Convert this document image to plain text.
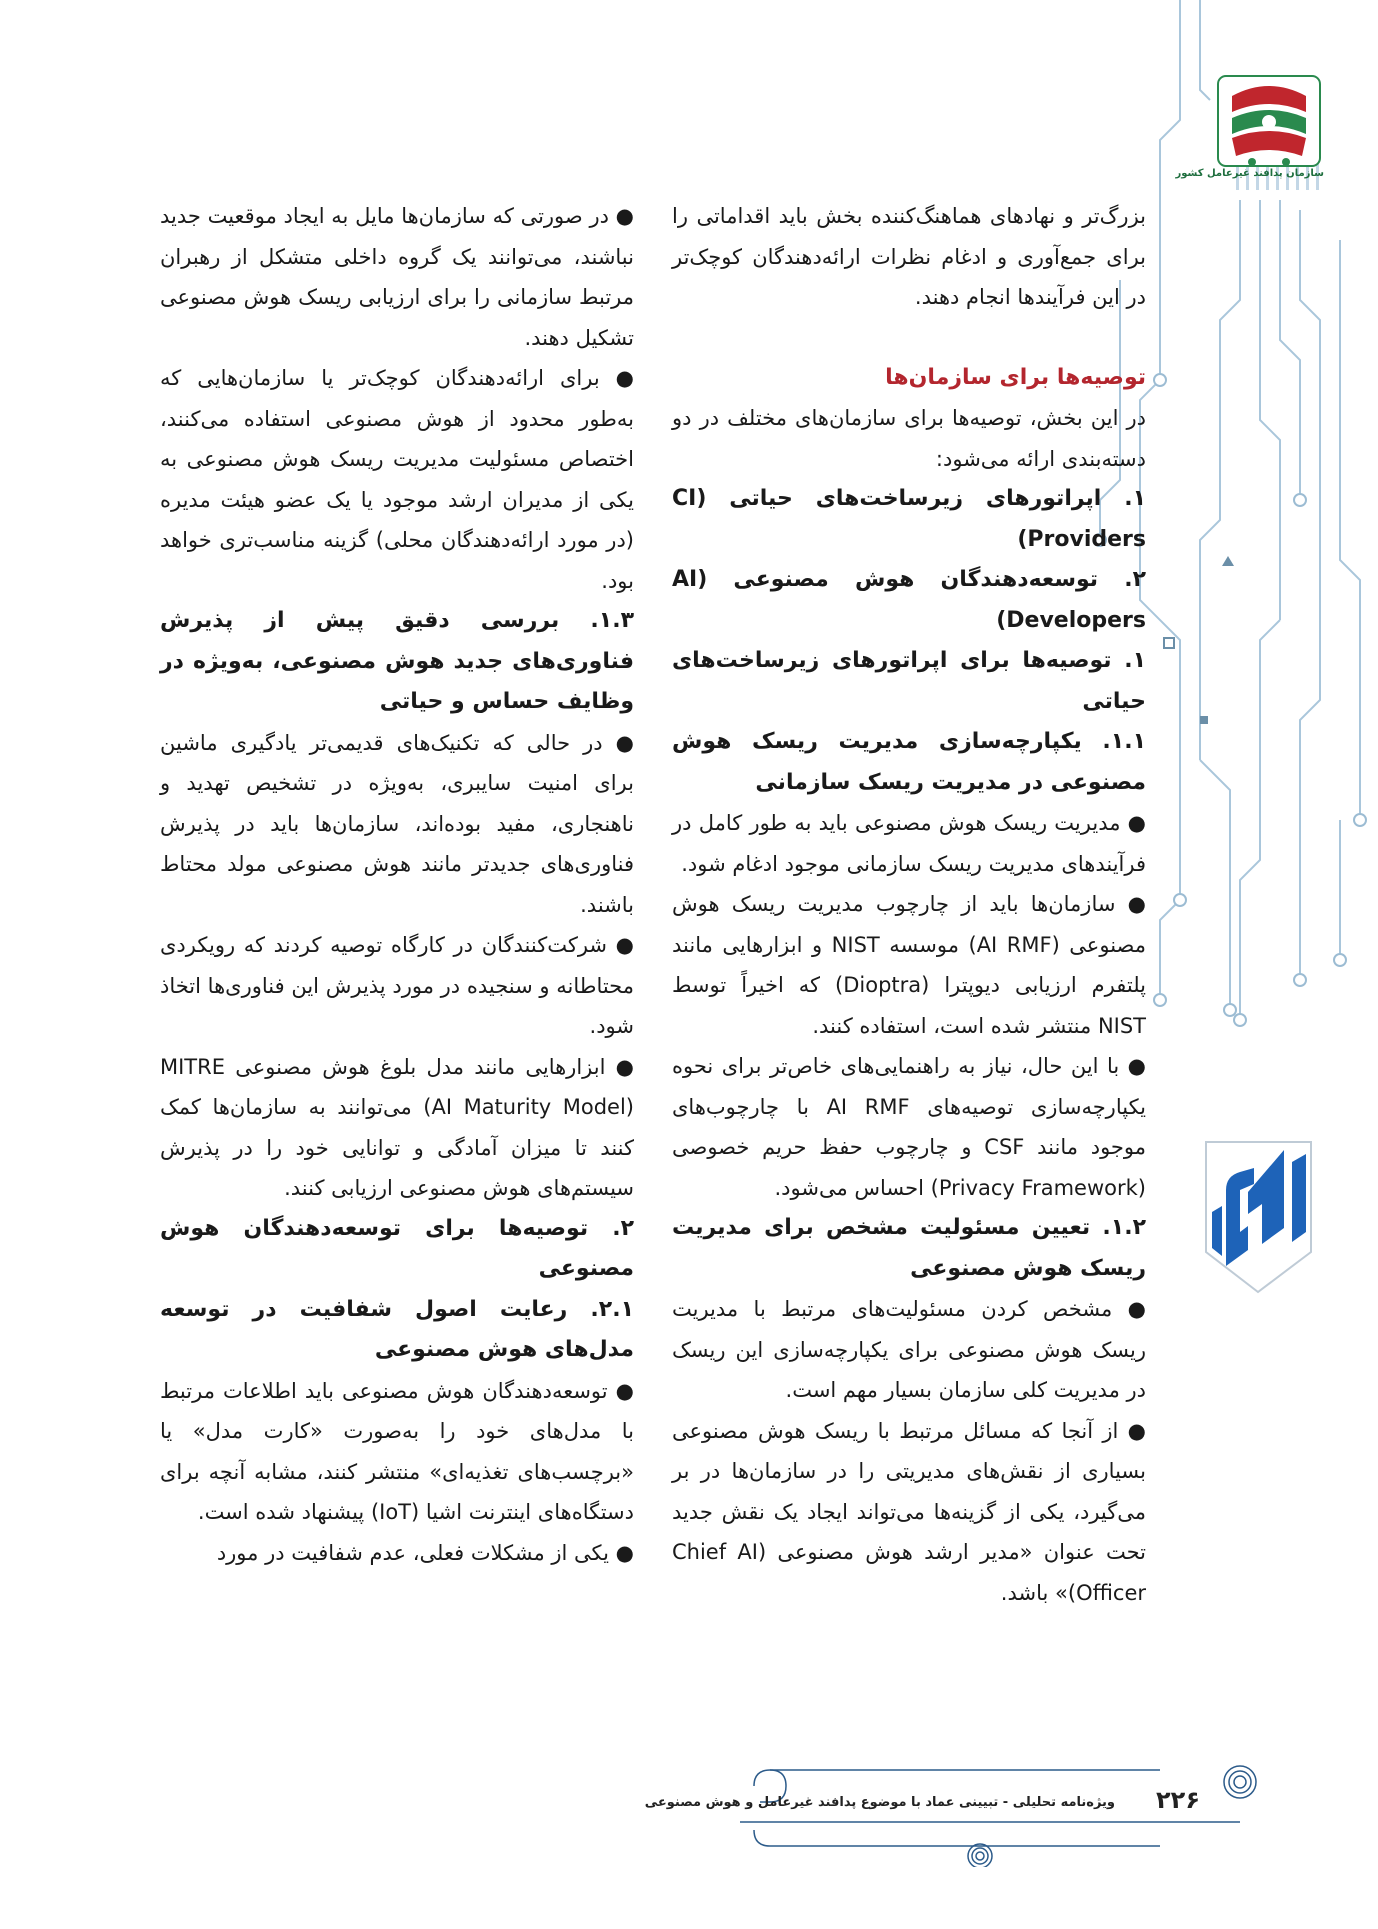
سازمان پدافند غیرعامل کشور

بزرگ‌تر و نهادهای هماهنگ‌کننده بخش باید اقداماتی را برای جمع‌آوری و ادغام نظرات ارائه‌دهندگان کوچک‌تر در این فرآیندها انجام دهند.

توصیه‌ها برای سازمان‌ها

در این بخش، توصیه‌ها برای سازمان‌های مختلف در دو دسته‌بندی ارائه می‌شود:

۱. اپراتورهای زیرساخت‌های حیاتی (CI Providers)

۲. توسعه‌دهندگان هوش مصنوعی (AI Developers)

۱. توصیه‌ها برای اپراتورهای زیرساخت‌های حیاتی

۱.۱. یکپارچه‌سازی مدیریت ریسک هوش مصنوعی در مدیریت ریسک سازمانی

● مدیریت ریسک هوش مصنوعی باید به طور کامل در فرآیندهای مدیریت ریسک سازمانی موجود ادغام شود.

● سازمان‌ها باید از چارچوب مدیریت ریسک هوش مصنوعی (AI RMF) موسسه NIST و ابزارهایی مانند پلتفرم ارزیابی دیوپترا (Dioptra) که اخیراً توسط NIST منتشر شده است، استفاده کنند.

● با این حال، نیاز به راهنمایی‌های خاص‌تر برای نحوه یکپارچه‌سازی توصیه‌های AI RMF با چارچوب‌های موجود مانند CSF و چارچوب حفظ حریم خصوصی (Privacy Framework) احساس می‌شود.

۱.۲. تعیین مسئولیت مشخص برای مدیریت ریسک هوش مصنوعی

● مشخص کردن مسئولیت‌های مرتبط با مدیریت ریسک هوش مصنوعی برای یکپارچه‌سازی این ریسک در مدیریت کلی سازمان بسیار مهم است.

● از آنجا که مسائل مرتبط با ریسک هوش مصنوعی بسیاری از نقش‌های مدیریتی را در سازمان‌ها در بر می‌گیرد، یکی از گزینه‌ها می‌تواند ایجاد یک نقش جدید تحت عنوان «مدیر ارشد هوش مصنوعی (Chief AI Officer)» باشد.

● در صورتی که سازمان‌ها مایل به ایجاد موقعیت جدید نباشند، می‌توانند یک گروه داخلی متشکل از رهبران مرتبط سازمانی را برای ارزیابی ریسک هوش مصنوعی تشکیل دهند.

● برای ارائه‌دهندگان کوچک‌تر یا سازمان‌هایی که به‌طور محدود از هوش مصنوعی استفاده می‌کنند، اختصاص مسئولیت مدیریت ریسک هوش مصنوعی به یکی از مدیران ارشد موجود یا یک عضو هیئت مدیره (در مورد ارائه‌دهندگان محلی) گزینه مناسب‌تری خواهد بود.

۱.۳. بررسی دقیق پیش از پذیرش فناوری‌های جدید هوش مصنوعی، به‌ویژه در وظایف حساس و حیاتی

● در حالی که تکنیک‌های قدیمی‌تر یادگیری ماشین برای امنیت سایبری، به‌ویژه در تشخیص تهدید و ناهنجاری، مفید بوده‌اند، سازمان‌ها باید در پذیرش فناوری‌های جدیدتر مانند هوش مصنوعی مولد محتاط باشند.

● شرکت‌کنندگان در کارگاه توصیه کردند که رویکردی محتاطانه و سنجیده در مورد پذیرش این فناوری‌ها اتخاذ شود.

● ابزارهایی مانند مدل بلوغ هوش مصنوعی MITRE (AI Maturity Model) می‌توانند به سازمان‌ها کمک کنند تا میزان آمادگی و توانایی خود را در پذیرش سیستم‌های هوش مصنوعی ارزیابی کنند.

۲. توصیه‌ها برای توسعه‌دهندگان هوش مصنوعی

۲.۱. رعایت اصول شفافیت در توسعه مدل‌های هوش مصنوعی

● توسعه‌دهندگان هوش مصنوعی باید اطلاعات مرتبط با مدل‌های خود را به‌صورت «کارت مدل» یا «برچسب‌های تغذیه‌ای» منتشر کنند، مشابه آنچه برای دستگاه‌های اینترنت اشیا (IoT) پیشنهاد شده است.

● یکی از مشکلات فعلی، عدم شفافیت در مورد

ویژه‌نامه تحلیلی - تبیینی عماد با موضوع پدافند غیرعامل و هوش مصنوعی	۲۲۶
